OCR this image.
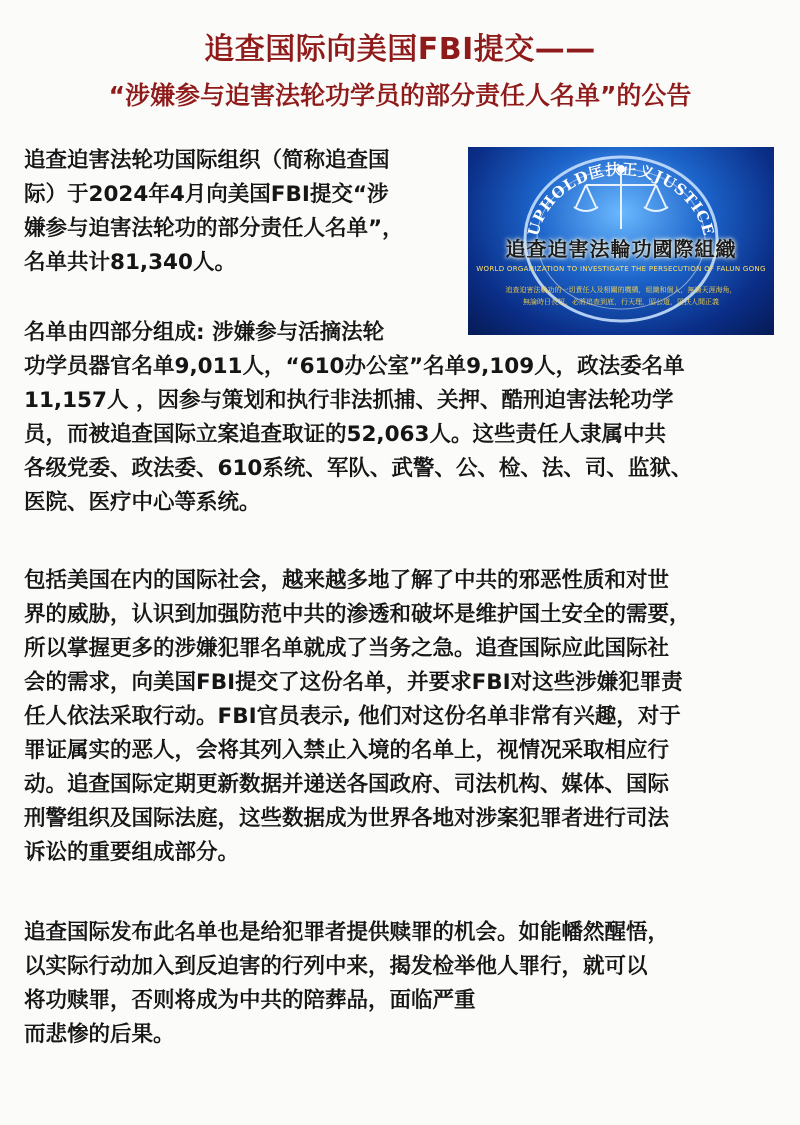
追查国际向美国FBI提交——
“涉嫌参与迫害法轮功学员的部分责任人名单”的公告
UPHOLD匡扶正义JUSTICE
追查迫害法輪功國際組織
WORLD ORGANIZATION TO INVESTIGATE THE PERSECUTION OF FALUN GONG
追查迫害法輪功的一切責任人及相關的機構，組織和個人，無論天涯海角，
無論時日長短，必將追查到底，行天理，昭公道，匡扶人間正義
追查迫害法轮功国际组织（简称追查国
际）于2024年4月向美国FBI提交“涉
嫌参与迫害法轮功的部分责任人名单”，
名单共计81,340人。
名单由四部分组成: 涉嫌参与活摘法轮
功学员器官名单9,011人，“610办公室”名单9,109人，政法委名单
11,157人 ，因参与策划和执行非法抓捕、关押、酷刑迫害法轮功学
员，而被追查国际立案追查取证的52,063人。这些责任人隶属中共
各级党委、政法委、610系统、军队、武警、公、检、法、司、监狱、
医院、医疗中心等系统。
包括美国在内的国际社会，越来越多地了解了中共的邪恶性质和对世
界的威胁，认识到加强防范中共的渗透和破坏是维护国土安全的需要，
所以掌握更多的涉嫌犯罪名单就成了当务之急。追查国际应此国际社
会的需求，向美国FBI提交了这份名单，并要求FBI对这些涉嫌犯罪责
任人依法采取行动。FBI官员表示, 他们对这份名单非常有兴趣，对于
罪证属实的恶人，会将其列入禁止入境的名单上，视情况采取相应行
动。追查国际定期更新数据并递送各国政府、司法机构、媒体、国际
刑警组织及国际法庭，这些数据成为世界各地对涉案犯罪者进行司法
诉讼的重要组成部分。
追查国际发布此名单也是给犯罪者提供赎罪的机会。如能幡然醒悟，
以实际行动加入到反迫害的行列中来，揭发检举他人罪行，就可以
将功赎罪，否则将成为中共的陪葬品，面临严重
而悲惨的后果。
